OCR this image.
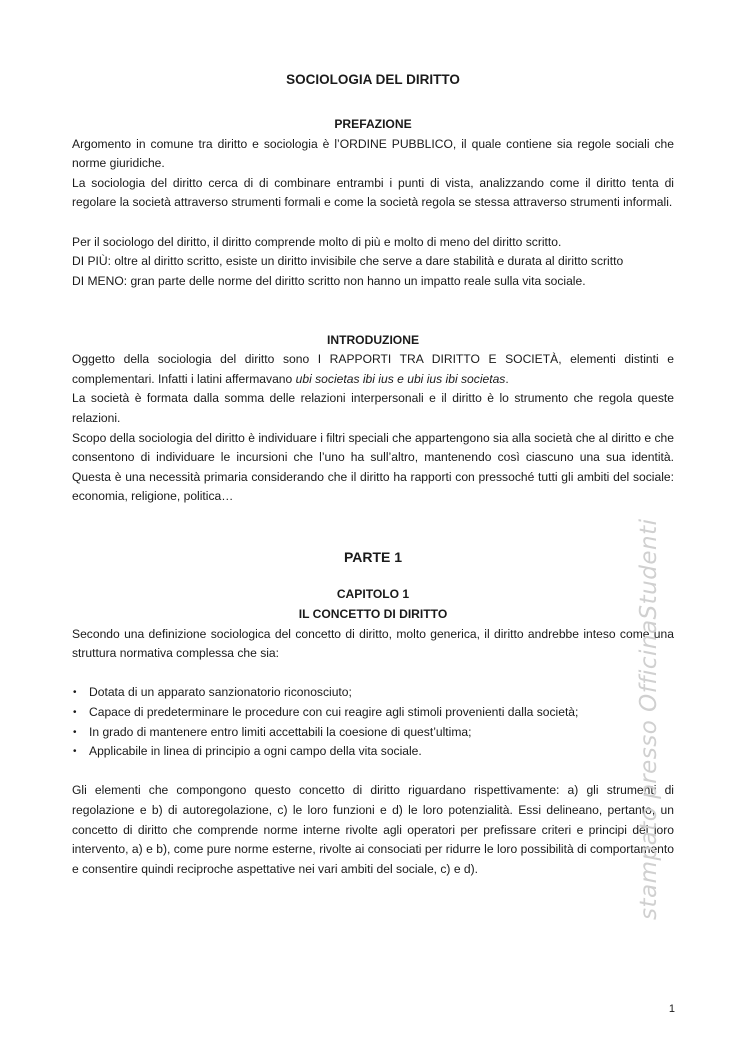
SOCIOLOGIA DEL DIRITTO
PREFAZIONE

Argomento in comune tra diritto e sociologia è l’ORDINE PUBBLICO, il quale contiene sia regole sociali che norme giuridiche.

La sociologia del diritto cerca di di combinare entrambi i punti di vista, analizzando come il diritto tenta di regolare la società attraverso strumenti formali e come la società regola se stessa attraverso strumenti informali.

Per il sociologo del diritto, il diritto comprende molto di più e molto di meno del diritto scritto.

DI PIÙ: oltre al diritto scritto, esiste un diritto invisibile che serve a dare stabilità e durata al diritto scritto

DI MENO: gran parte delle norme del diritto scritto non hanno un impatto reale sulla vita sociale.

INTRODUZIONE

Oggetto della sociologia del diritto sono I RAPPORTI TRA DIRITTO E SOCIETÀ, elementi distinti e complementari. Infatti i latini affermavano ubi societas ibi ius e ubi ius ibi societas.

La società è formata dalla somma delle relazioni interpersonali e il diritto è lo strumento che regola queste relazioni.

Scopo della sociologia del diritto è individuare i filtri speciali che appartengono sia alla società che al diritto e che consentono di individuare le incursioni che l’uno ha sull’altro, mantenendo così ciascuno una sua identità. Questa è una necessità primaria considerando che il diritto ha rapporti con pressoché tutti gli ambiti del sociale: economia, religione, politica…

PARTE 1
CAPITOLO 1
IL CONCETTO DI DIRITTO

Secondo una definizione sociologica del concetto di diritto, molto generica, il diritto andrebbe inteso come una struttura normativa complessa che sia:

• Dotata di un apparato sanzionatorio riconosciuto;
• Capace di predeterminare le procedure con cui reagire agli stimoli provenienti dalla società;
• In grado di mantenere entro limiti accettabili la coesione di quest’ultima;
• Applicabile in linea di principio a ogni campo della vita sociale.

Gli elementi che compongono questo concetto di diritto riguardano rispettivamente: a) gli strumenti di regolazione e b) di autoregolazione, c) le loro funzioni e d) le loro potenzialità. Essi delineano, pertanto, un concetto di diritto che comprende norme interne rivolte agli operatori per prefissare criteri e principi del loro intervento, a) e b), come pure norme esterne, rivolte ai consociati per ridurre le loro possibilità di comportamento e consentire quindi reciproche aspettative nei vari ambiti del sociale, c) e d).	stampato presso OfficinaStudenti
1
